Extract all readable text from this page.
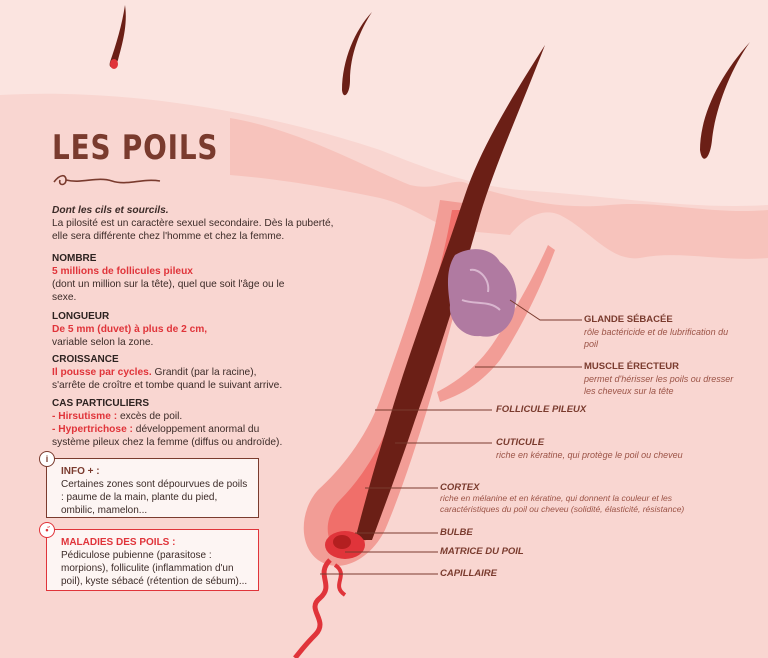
LES POILS

Dont les cils et sourcils.
La pilosité est un caractère sexuel secondaire. Dès la puberté, elle sera différente chez l'homme et chez la femme.

NOMBRE
5 millions de follicules pileux
(dont un million sur la tête), quel que soit l'âge ou le sexe.

LONGUEUR
De 5 mm (duvet) à plus de 2 cm,
variable selon la zone.

CROISSANCE
Il pousse par cycles. Grandit (par la racine), s'arrête de croître et tombe quand le suivant arrive.

CAS PARTICULIERS
- Hirsutisme : excès de poil.
- Hypertrichose : développement anormal du système pileux chez la femme (diffus ou androïde).

i
INFO + :
Certaines zones sont dépourvues de poils : paume de la main, plante du pied, ombilic, mamelon...
•᷄
MALADIES DES POILS :
Pédiculose pubienne (parasitose : morpions), folliculite (inflammation d'un poil), kyste sébacé (rétention de sébum)...

GLANDE SÉBACÉE
rôle bactéricide et de lubrification du poil

MUSCLE ÉRECTEUR
permet d'hérisser les poils ou dresser les cheveux sur la tête

FOLLICULE PILEUX

CUTICULE
riche en kératine, qui protège le poil ou cheveu

CORTEX
riche en mélanine et en kératine, qui donnent la couleur et les caractéristiques du poil ou cheveu (solidité, élasticité, résistance)

BULBE

MATRICE DU POIL

CAPILLAIRE
